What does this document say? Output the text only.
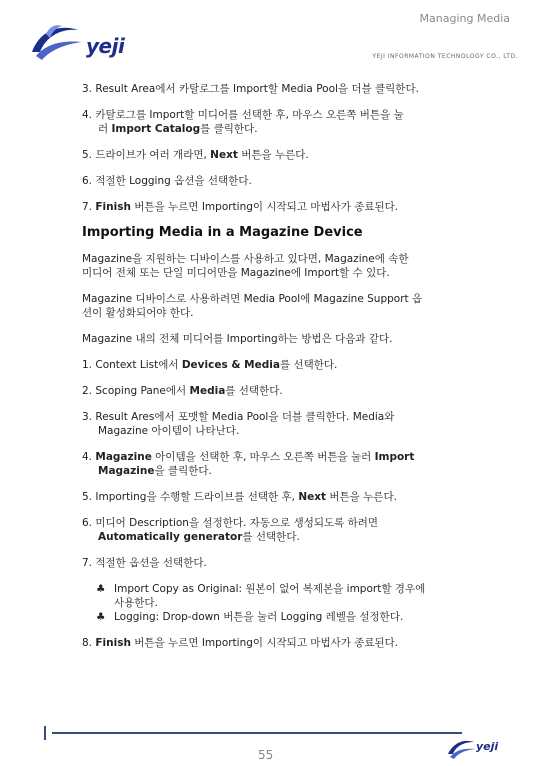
Managing Media
yeji	YEJI INFORMATION TECHNOLOGY CO., LTD.
3. Result Area에서 카탈로그를 Import할 Media Pool을 더블 클릭한다.
4. 카탈로그를 Import할 미디어를 선택한 후, 마우스 오른쪽 버튼을 눌
러 Import Catalog를 클릭한다.
5. 드라이브가 여러 개라면, Next 버튼을 누른다.
6. 적절한 Logging 옵션을 선택한다.
7. Finish 버튼을 누르면 Importing이 시작되고 마법사가 종료된다.
Importing Media in a Magazine Device
Magazine을 지원하는 디바이스를 사용하고 있다면, Magazine에 속한
미디어 전체 또는 단일 미디어만을 Magazine에 Import할 수 있다.
Magazine 디바이스로 사용하려면 Media Pool에 Magazine Support 옵
션이 활성화되어야 한다.
Magazine 내의 전체 미디어를 Importing하는 방법은 다음과 같다.
1. Context List에서 Devices & Media를 선택한다.
2. Scoping Pane에서 Media를 선택한다.
3. Result Ares에서 포맷할 Media Pool을 더블 클릭한다. Media와
Magazine 아이템이 나타난다.
4. Magazine 아이템을 선택한 후, 마우스 오른쪽 버튼을 눌러 Import
Magazine을 클릭한다.
5. Importing을 수행할 드라이브를 선택한 후, Next 버튼을 누른다.
6. 미디어 Description을 설정한다. 자동으로 생성되도록 하려면
Automatically generator를 선택한다.
7. 적절한 옵션을 선택한다.
♣ Import Copy as Original: 원본이 없어 복제본을 import할 경우에
사용한다.
♣ Logging: Drop-down 버튼을 눌러 Logging 레벨을 설정한다.
8. Finish 버튼을 누르면 Importing이 시작되고 마법사가 종료된다.
55
yeji
